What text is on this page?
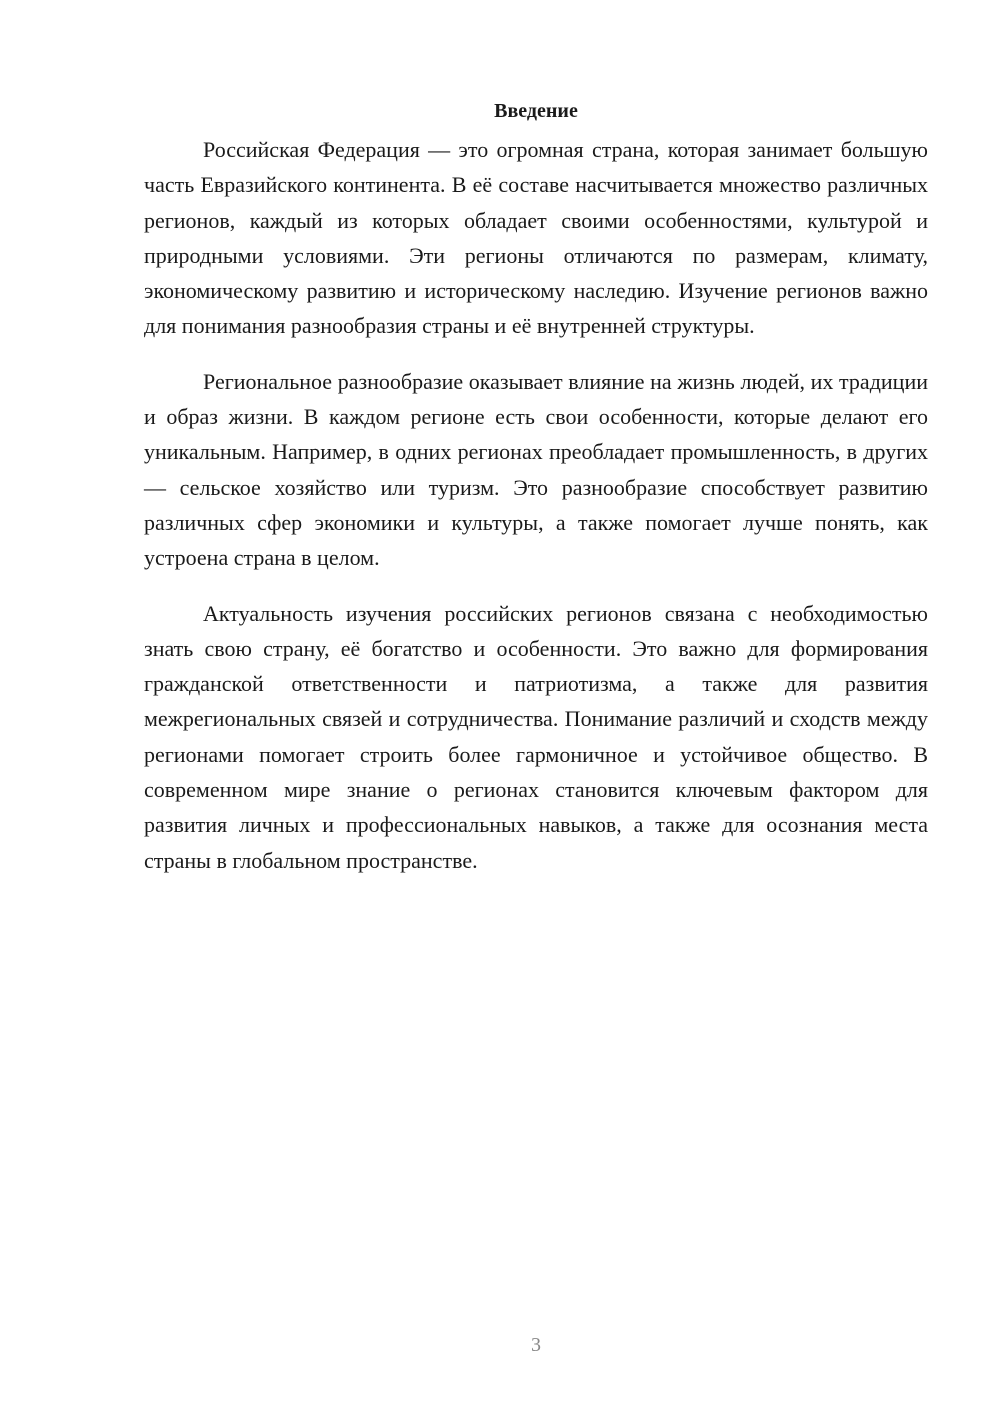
Введение

Российская Федерация — это огромная страна, которая занимает большую часть Евразийского континента. В её составе насчитывается множество различных регионов, каждый из которых обладает своими особенностями, культурой и природными условиями. Эти регионы отличаются по размерам, климату, экономическому развитию и историческому наследию. Изучение регионов важно для понимания разнообразия страны и её внутренней структуры.

Региональное разнообразие оказывает влияние на жизнь людей, их традиции и образ жизни. В каждом регионе есть свои особенности, которые делают его уникальным. Например, в одних регионах преобладает промышленность, в других — сельское хозяйство или туризм. Это разнообразие способствует развитию различных сфер экономики и культуры, а также помогает лучше понять, как устроена страна в целом.

Актуальность изучения российских регионов связана с необходимостью знать свою страну, её богатство и особенности. Это важно для формирования гражданской ответственности и патриотизма, а также для развития межрегиональных связей и сотрудничества. Понимание различий и сходств между регионами помогает строить более гармоничное и устойчивое общество. В современном мире знание о регионах становится ключевым фактором для развития личных и профессиональных навыков, а также для осознания места страны в глобальном пространстве.

3
